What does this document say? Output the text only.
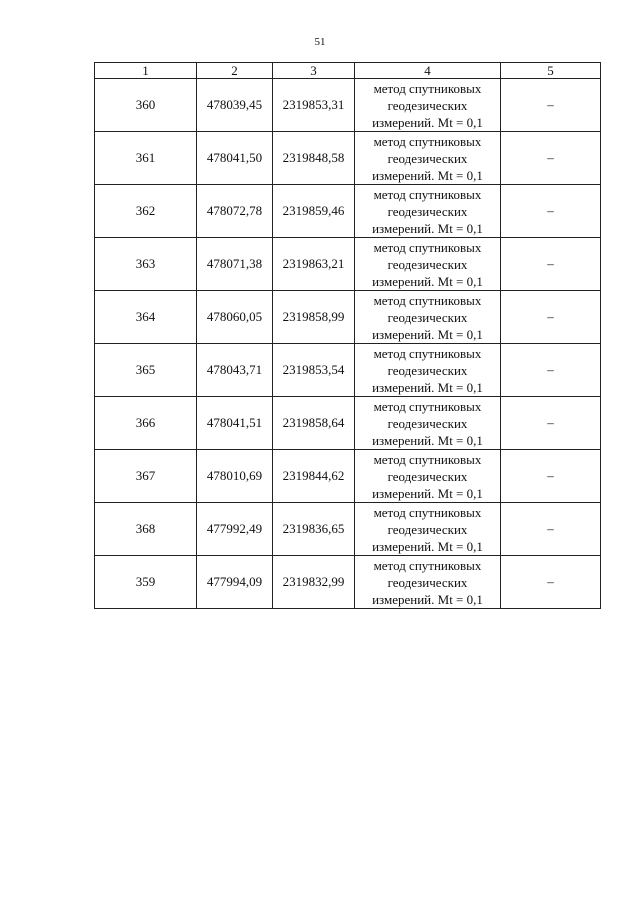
51
1	2	3	4	5
360	478039,45	2319853,31	метод спутниковых
геодезических
измерений. Mt = 0,1	–
361	478041,50	2319848,58	метод спутниковых
геодезических
измерений. Mt = 0,1	–
362	478072,78	2319859,46	метод спутниковых
геодезических
измерений. Mt = 0,1	–
363	478071,38	2319863,21	метод спутниковых
геодезических
измерений. Mt = 0,1	–
364	478060,05	2319858,99	метод спутниковых
геодезических
измерений. Mt = 0,1	–
365	478043,71	2319853,54	метод спутниковых
геодезических
измерений. Mt = 0,1	–
366	478041,51	2319858,64	метод спутниковых
геодезических
измерений. Mt = 0,1	–
367	478010,69	2319844,62	метод спутниковых
геодезических
измерений. Mt = 0,1	–
368	477992,49	2319836,65	метод спутниковых
геодезических
измерений. Mt = 0,1	–
359	477994,09	2319832,99	метод спутниковых
геодезических
измерений. Mt = 0,1	–
